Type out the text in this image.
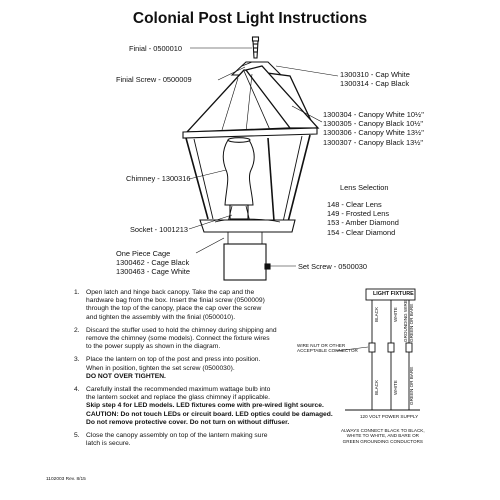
Colonial Post Light Instructions
Finial - 0500010
Finial Screw - 0500009
Chimney - 1300316
Socket - 1001213
One Piece Cage
1300462 - Cage Black
1300463 - Cage White
1300310 - Cap White
1300314 - Cap Black
1300304 - Canopy White 10½"
1300305 - Canopy Black 10½"
1300306 - Canopy White 13½"
1300307 - Canopy Black 13½"
Lens Selection
148 - Clear Lens
149 - Frosted Lens
153 - Amber Diamond
154 - Clear Diamond
Set Screw - 0500030
1. Open latch and hinge back canopy. Take the cap and the
hardware bag from the box. Insert the finial screw (0500009)
through the top of the canopy, place the cap over the screw
and tighten the assembly with the finial (0500010).
2. Discard the stuffer used to hold the chimney during shipping and
remove the chimney (some models). Connect the fixture wires
to the power supply as shown in the diagram.
3. Place the lantern on top of the post and press into position.
When in position, tighten the set screw (0500030).
DO NOT OVER TIGHTEN.
4. Carefully install the recommended maximum wattage bulb into
the lantern socket and replace the glass chimney if applicable.
Skip step 4 for LED models. LED fixtures come with pre-wired light source.
CAUTION: Do not touch LEDs or circuit board. LED optics could be damaged.
Do not remove protective cover. Do not turn on without diffuser.
5. Close the canopy assembly on top of the lantern making sure
latch is secure.
BLACK	WHITE GREEN OR BARE
BLACK	WHITE GREEN OR BARE
GROUNDING WIRE
LIGHT FIXTURE
WIRE NUT OR OTHER
ACCEPTABLE CONNECTOR
120 VOLT POWER SUPPLY
ALWAYS CONNECT BLACK TO BLACK,
WHITE TO WHITE, AND BARE OR
GREEN GROUNDING CONDUCTORS
1102003 Rev. 8/15
